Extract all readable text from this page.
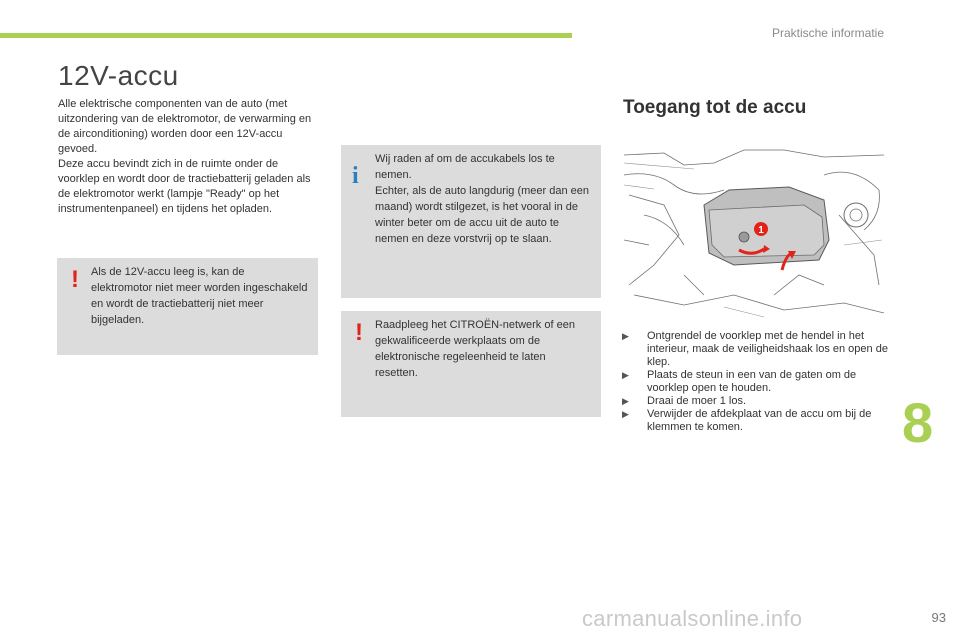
Praktische informatie
12V-accu

Alle elektrische componenten van de auto (met uitzondering van de elektromotor, de verwarming en de airconditioning) worden door een 12V-accu gevoed.

Deze accu bevindt zich in de ruimte onder de voorklep en wordt door de tractiebatterij geladen als de elektromotor werkt (lampje "Ready" op het instrumentenpaneel) en tijdens het opladen.

! Als de 12V-accu leeg is, kan de elektromotor niet meer worden ingeschakeld en wordt de tractiebatterij niet meer bijgeladen.

i

Wij raden af om de accukabels los te nemen.

Echter, als de auto langdurig (meer dan een maand) wordt stilgezet, is het vooral in de winter beter om de accu uit de auto te nemen en deze vorstvrij op te slaan.

! Raadpleeg het CITROËN-netwerk of een gekwalificeerde werkplaats om de elektronische regeleenheid te laten resetten.

Toegang tot de accu
1
▶ Ontgrendel de voorklep met de hendel in het interieur, maak de veiligheidshaak los en open de klep.
▶ Plaats de steun in een van de gaten om de voorklep open te houden.
▶ Draai de moer 1 los.
▶ Verwijder de afdekplaat van de accu om bij de klemmen te komen.	8
carmanualsonline.info	93
